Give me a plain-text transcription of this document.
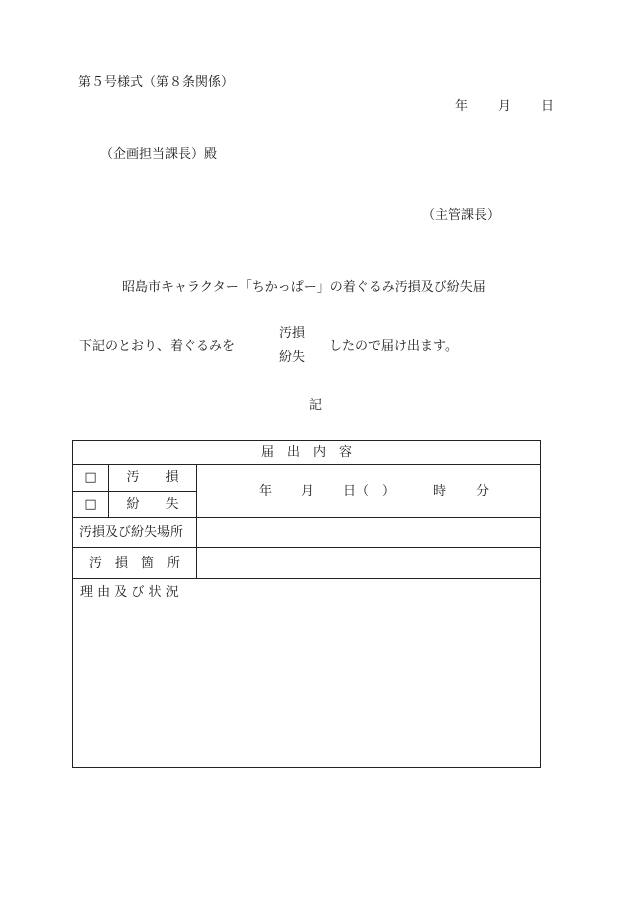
第５号様式（第８条関係）
年 月 日
（企画担当課長）殿
（主管課長）
昭島市キャラクター「ちかっぱー」の着ぐるみ汚損及び紛失届
下記のとおり、着ぐるみを
汚損
紛失
したので届け出ます。
記
届　出　内　容		
□	汚　　損	年 月 日（　） 時 分

□	紛　　失	
汚損及び紛失場所		
汚　損　箇　所		

理 由 及 び 状 況		
